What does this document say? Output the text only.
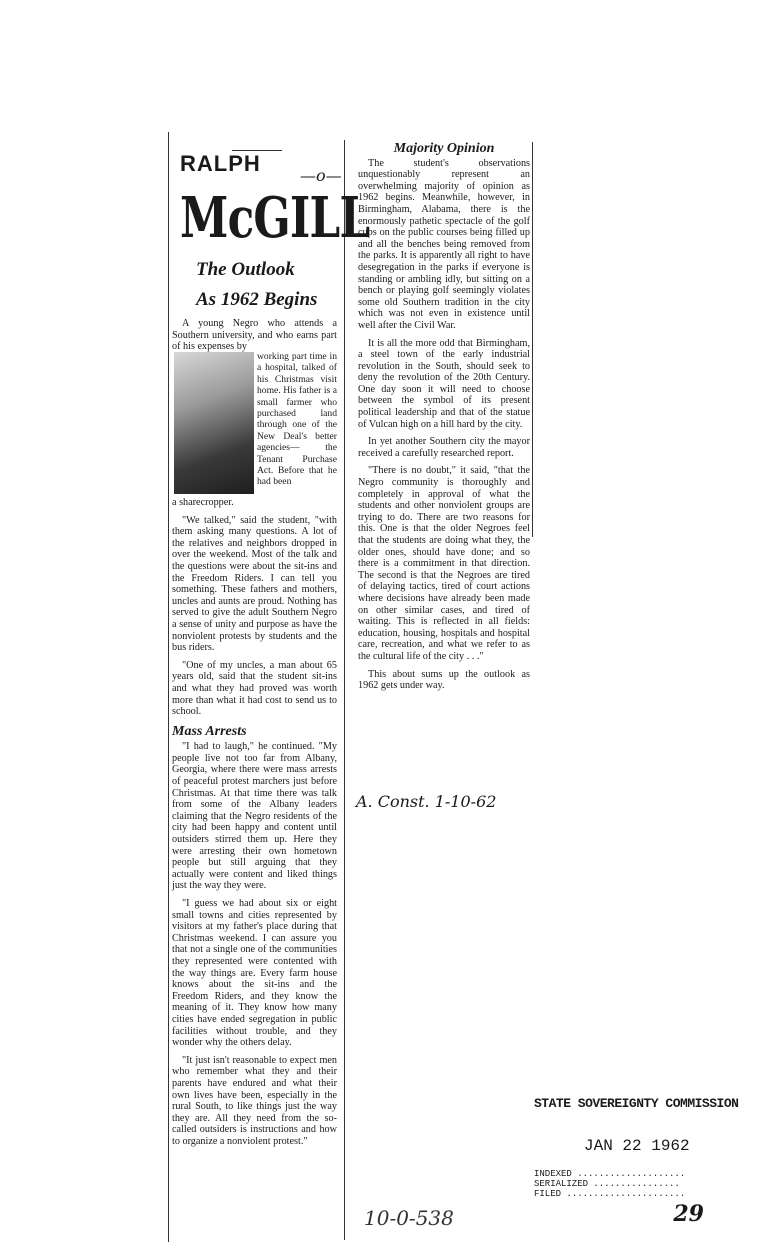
RALPH —o—
McGILL
The Outlook
As 1962 Begins

A young Negro who attends a Southern university, and who earns part of his expenses by

working part time in a hospital, talked of his Christmas visit home. His father is a small farmer who purchased land through one of the New Deal's better agencies— the Tenant Purchase Act. Before that he had been

a sharecropper.

"We talked," said the student, "with them asking many questions. A lot of the relatives and neighbors dropped in over the weekend. Most of the talk and the questions were about the sit-ins and the Freedom Riders. I can tell you something. These fathers and mothers, uncles and aunts are proud. Nothing has served to give the adult Southern Negro a sense of unity and purpose as have the nonviolent protests by students and the bus riders.

"One of my uncles, a man about 65 years old, said that the student sit-ins and what they had proved was worth more than what it had cost to send us to school.

Mass Arrests

"I had to laugh," he continued. "My people live not too far from Albany, Georgia, where there were mass arrests of peaceful protest marchers just before Christmas. At that time there was talk from some of the Albany leaders claiming that the Negro residents of the city had been happy and content until outsiders stirred them up. Here they were arresting their own hometown people but still arguing that they actually were content and liked things just the way they were.

"I guess we had about six or eight small towns and cities represented by visitors at my father's place during that Christmas weekend. I can assure you that not a single one of the communities they represented were contented with the way things are. Every farm house knows about the sit-ins and the Freedom Riders, and they know the meaning of it. They know how many cities have ended segregation in public facilities without trouble, and they wonder why the others delay.

"It just isn't reasonable to expect men who remember what they and their parents have endured and what their own lives have been, especially in the rural South, to like things just the way they are. All they need from the so-called outsiders is instructions and how to organize a nonviolent protest."

Majority Opinion

The student's observations unquestionably represent an overwhelming majority of opinion as 1962 begins. Meanwhile, however, in Birmingham, Alabama, there is the enormously pathetic spectacle of the golf cups on the public courses being filled up and all the benches being removed from the parks. It is apparently all right to have desegregation in the parks if everyone is standing or ambling idly, but sitting on a bench or playing golf seemingly violates some old Southern tradition in the city which was not even in existence until well after the Civil War.

It is all the more odd that Birmingham, a steel town of the early industrial revolution in the South, should seek to deny the revolution of the 20th Century. One day soon it will need to choose between the symbol of its present political leadership and that of the statue of Vulcan high on a hill hard by the city.

In yet another Southern city the mayor received a carefully researched report.

"There is no doubt," it said, "that the Negro community is thoroughly and completely in approval of what the students and other nonviolent groups are trying to do. There are two reasons for this. One is that the older Negroes feel that the students are doing what they, the older ones, should have done; and so there is a commitment in that direction. The second is that the Negroes are tired of delaying tactics, tired of court actions where decisions have already been made on other similar cases, and tired of waiting. This is reflected in all fields: education, housing, hospitals and hospital care, recreation, and what we refer to as the cultural life of the city . . ."

This about sums up the outlook as 1962 gets under way.

A. Const. 1-10-62
10-0-538
STATE SOVEREIGNTY COMMISSION
JAN 22 1962
INDEXED ....................
SERIALIZED ................
FILED ......................
29
